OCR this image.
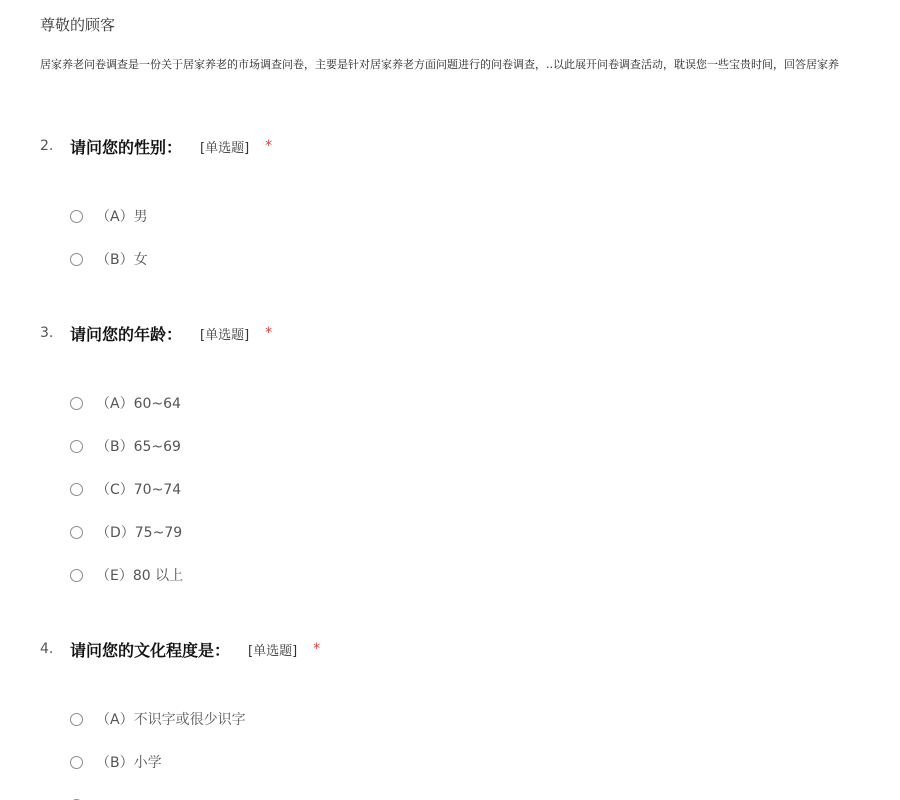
尊敬的顾客
居家养老问卷调查是一份关于居家养老的市场调查问卷，主要是针对居家养老方面问题进行的问卷调查，..以此展开问卷调查活动，耽误您一些宝贵时间，回答居家养
2.	请问您的性别： [单选题] *
（A）男
（B）女
3.	请问您的年龄： [单选题] *
（A）60~64
（B）65~69
（C）70~74
（D）75~79
（E）80 以上
4.	请问您的文化程度是： [单选题] *
（A）不识字或很少识字
（B）小学
